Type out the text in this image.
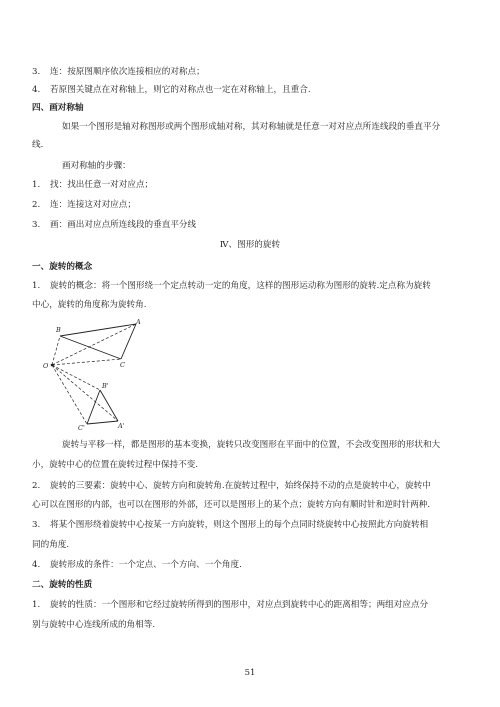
3. 连：按原图顺序依次连接相应的对称点；
4. 若原图关键点在对称轴上，则它的对称点也一定在对称轴上，且重合.
四、画对称轴
如果一个图形是轴对称图形或两个图形成轴对称，其对称轴就是任意一对对应点所连线段的垂直平分
线.
画对称轴的步骤：
1. 找：找出任意一对对应点；
2. 连：连接这对对应点；
3. 画：画出对应点所连线段的垂直平分线
Ⅳ、图形的旋转
一、旋转的概念
1. 旋转的概念：将一个图形绕一个定点转动一定的角度，这样的图形运动称为图形的旋转.定点称为旋转
中心，旋转的角度称为旋转角.
O
A
B
C
A'
B'
C'
旋转与平移一样，都是图形的基本变换，旋转只改变图形在平面中的位置，不会改变图形的形状和大
小，旋转中心的位置在旋转过程中保持不变.
2. 旋转的三要素：旋转中心、旋转方向和旋转角.在旋转过程中，始终保持不动的点是旋转中心，旋转中
心可以在图形的内部，也可以在图形的外部，还可以是图形上的某个点；旋转方向有顺时针和逆时针两种.
3. 将某个图形绕着旋转中心按某一方向旋转，则这个图形上的每个点同时绕旋转中心按照此方向旋转相
同的角度.
4. 旋转形成的条件：一个定点、一个方向、一个角度.
二、旋转的性质
1. 旋转的性质：一个图形和它经过旋转所得到的图形中，对应点到旋转中心的距离相等；两组对应点分
别与旋转中心连线所成的角相等.
51
